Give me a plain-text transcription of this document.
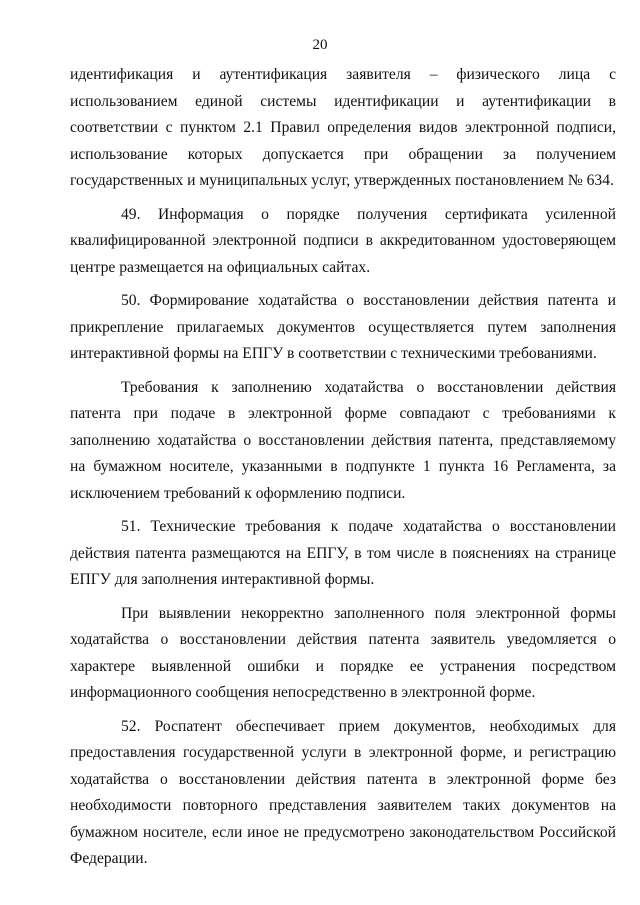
20

идентификация и аутентификация заявителя – физического лица с использованием единой системы идентификации и аутентификации в соответствии с пунктом 2.1 Правил определения видов электронной подписи, использование которых допускается при обращении за получением государственных и муниципальных услуг, утвержденных постановлением № 634.

49. Информация о порядке получения сертификата усиленной квалифицированной электронной подписи в аккредитованном удостоверяющем центре размещается на официальных сайтах.

50. Формирование ходатайства о восстановлении действия патента и прикрепление прилагаемых документов осуществляется путем заполнения интерактивной формы на ЕПГУ в соответствии с техническими требованиями.

Требования к заполнению ходатайства о восстановлении действия патента при подаче в электронной форме совпадают с требованиями к заполнению ходатайства о восстановлении действия патента, представляемому на бумажном носителе, указанными в подпункте 1 пункта 16 Регламента, за исключением требований к оформлению подписи.

51. Технические требования к подаче ходатайства о восстановлении действия патента размещаются на ЕПГУ, в том числе в пояснениях на странице ЕПГУ для заполнения интерактивной формы.

При выявлении некорректно заполненного поля электронной формы ходатайства о восстановлении действия патента заявитель уведомляется о характере выявленной ошибки и порядке ее устранения посредством информационного сообщения непосредственно в электронной форме.

52. Роспатент обеспечивает прием документов, необходимых для предоставления государственной услуги в электронной форме, и регистрацию ходатайства о восстановлении действия патента в электронной форме без необходимости повторного представления заявителем таких документов на бумажном носителе, если иное не предусмотрено законодательством Российской Федерации.
